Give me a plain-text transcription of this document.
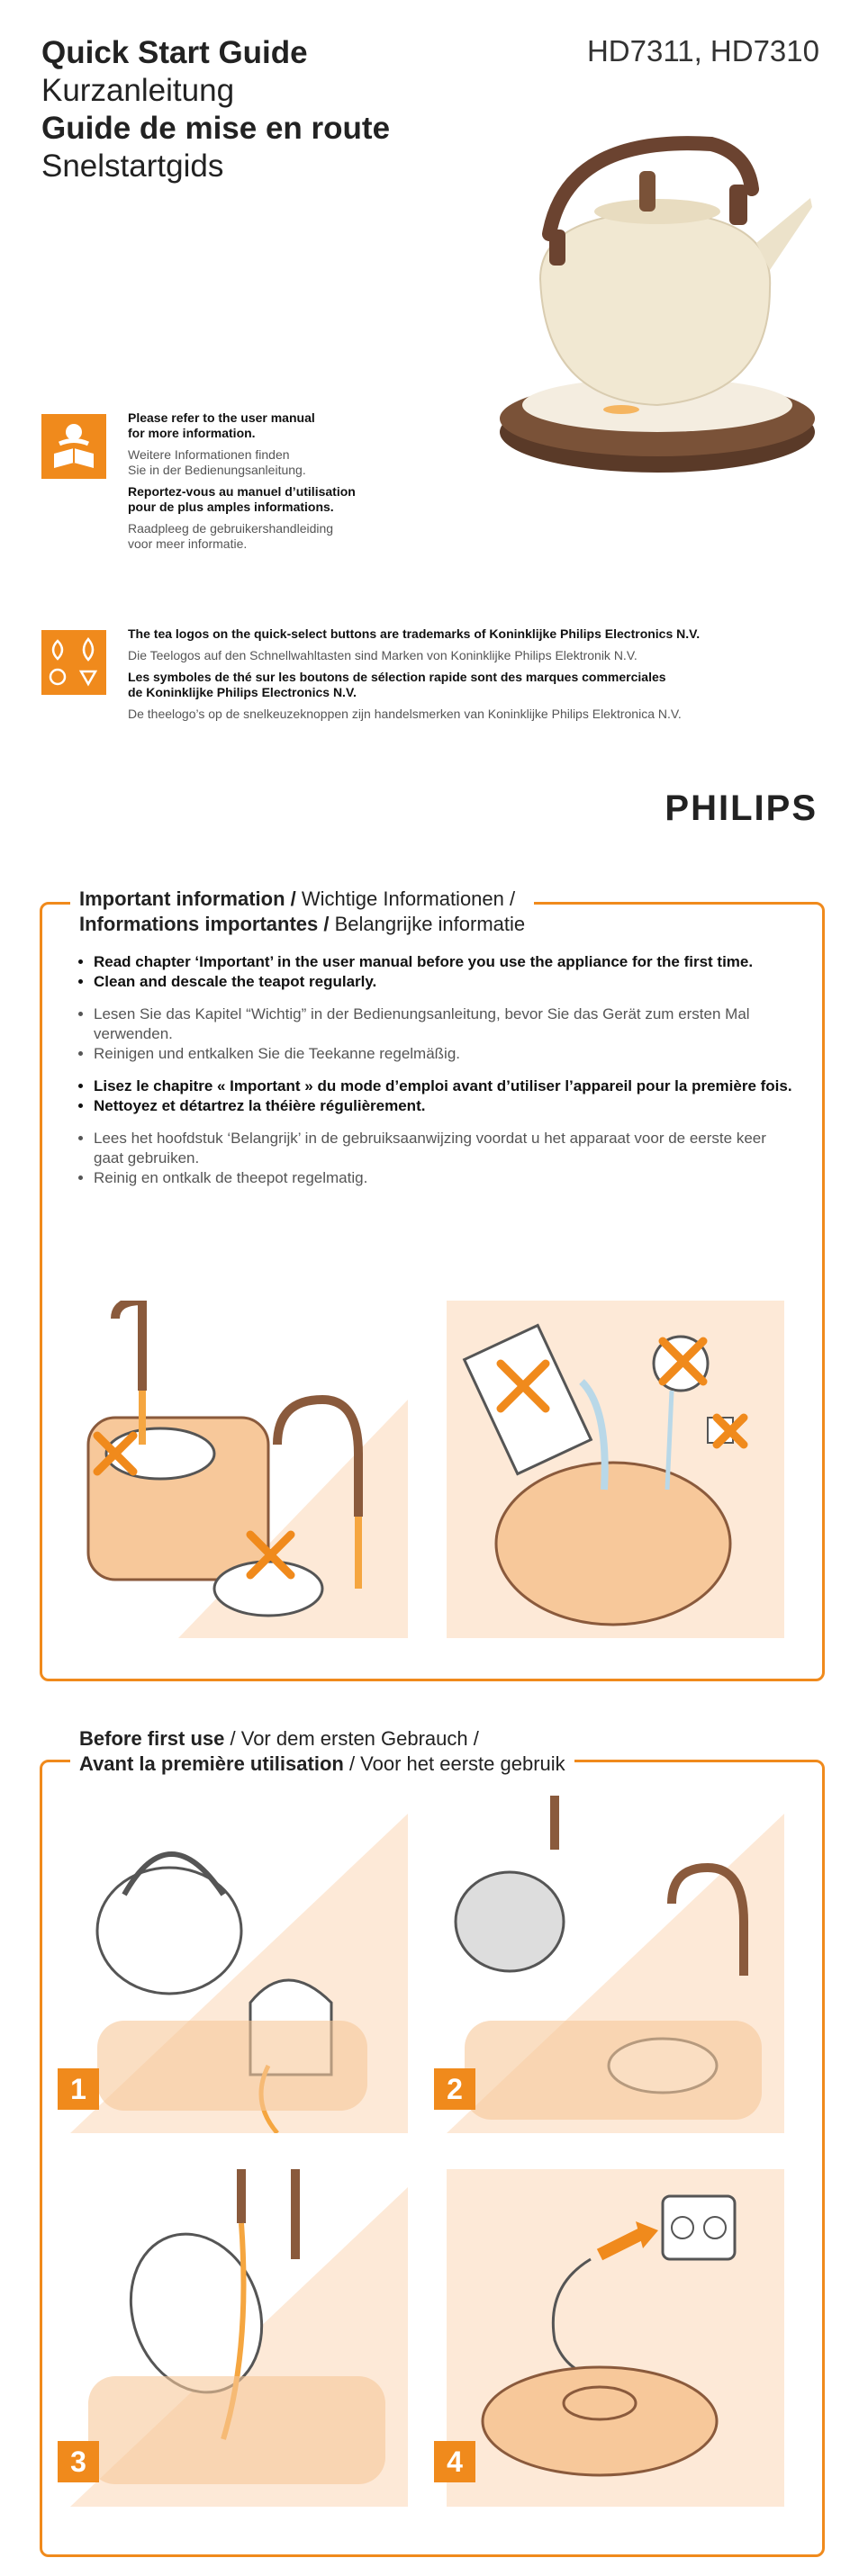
Quick Start Guide
Kurzanleitung
Guide de mise en route
Snelstartgids
HD7311, HD7310

Please refer to the user manual
for more information.

Weitere Informationen finden
Sie in der Bedienungsanleitung.

Reportez-vous au manuel d’utilisation
pour de plus amples informations.

Raadpleeg de gebruikershandleiding
voor meer informatie.

The tea logos on the quick-select buttons are trademarks of Koninklijke Philips Electronics N.V.

Die Teelogos auf den Schnellwahltasten sind Marken von Koninklijke Philips Elektronik N.V.

Les symboles de thé sur les boutons de sélection rapide sont des marques commerciales
de Koninklijke Philips Electronics N.V.

De theelogo’s op de snelkeuzeknoppen zijn handelsmerken van Koninklijke Philips Elektronica N.V.

PHILIPS
Important information / Wichtige Informationen /
Informations importantes / Belangrijke informatie
• Read chapter ‘Important’ in the user manual before you use the appliance for the first time.
• Clean and descale the teapot regularly.
• Lesen Sie das Kapitel “Wichtig” in der Bedienungsanleitung, bevor Sie das Gerät zum ersten Mal verwenden.
• Reinigen und entkalken Sie die Teekanne regelmäßig.
• Lisez le chapitre « Important » du mode d’emploi avant d’utiliser l’appareil pour la première fois.
• Nettoyez et détartrez la théière régulièrement.
• Lees het hoofdstuk ‘Belangrijk’ in de gebruiksaanwijzing voordat u het apparaat voor de eerste keer gaat gebruiken.
• Reinig en ontkalk de theepot regelmatig.
Before first use / Vor dem ersten Gebrauch /
Avant la première utilisation / Voor het eerste gebruik
1	2
3	4
